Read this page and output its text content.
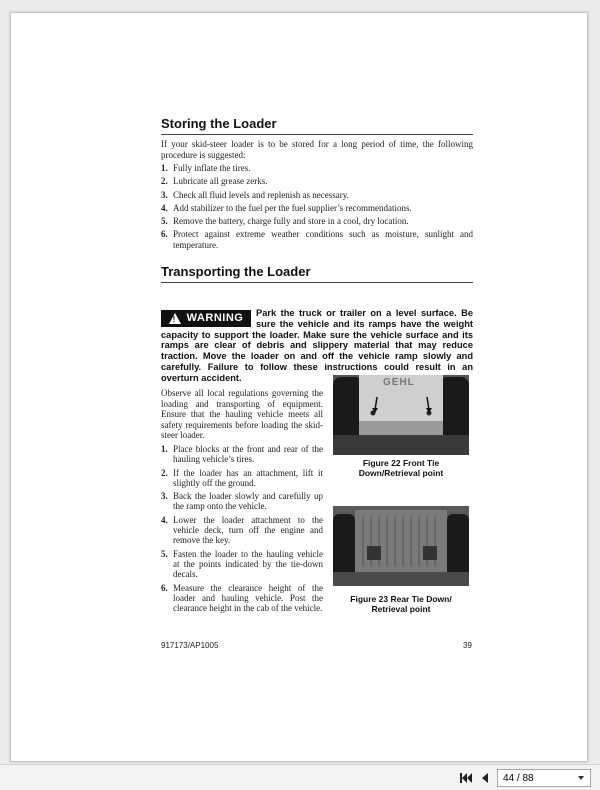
Storing the Loader

If your skid-steer loader is to be stored for a long period of time, the following procedure is suggested:

1. Fully inflate the tires.
2. Lubricate all grease zerks.
3. Check all fluid levels and replenish as necessary.
4. Add stabilizer to the fuel per the fuel supplier’s recommendations.
5. Remove the battery, charge fully and store in a cool, dry location.
6. Protect against extreme weather conditions such as moisture, sunlight and temperature.
Transporting the Loader
! WARNING Park the truck or trailer on a level surface. Be sure the vehicle and its ramps have the weight capacity to support the loader. Make sure the vehicle surface and its ramps are clear of debris and slippery material that may reduce traction. Move the loader on and off the vehicle ramp slowly and carefully. Failure to follow these instructions could result in an overturn accident.

Observe all local regulations governing the loading and transporting of equipment. Ensure that the hauling vehicle meets all safety requirements before loading the skid-steer loader.

1. Place blocks at the front and rear of the hauling vehicle’s tires.
2. If the loader has an attachment, lift it slightly off the ground.
3. Back the loader slowly and carefully up the ramp onto the vehicle.
4. Lower the loader attachment to the vehicle deck, turn off the engine and remove the key.
5. Fasten the loader to the hauling vehicle at the points indicated by the tie-down decals.
6. Measure the clearance height of the loader and hauling vehicle. Post the clearance height in the cab of the vehicle.
GEHL
Figure 22 Front Tie Down/Retrieval point
Figure 23 Rear Tie Down/ Retrieval point
917173/AP1005	39
44 / 88
